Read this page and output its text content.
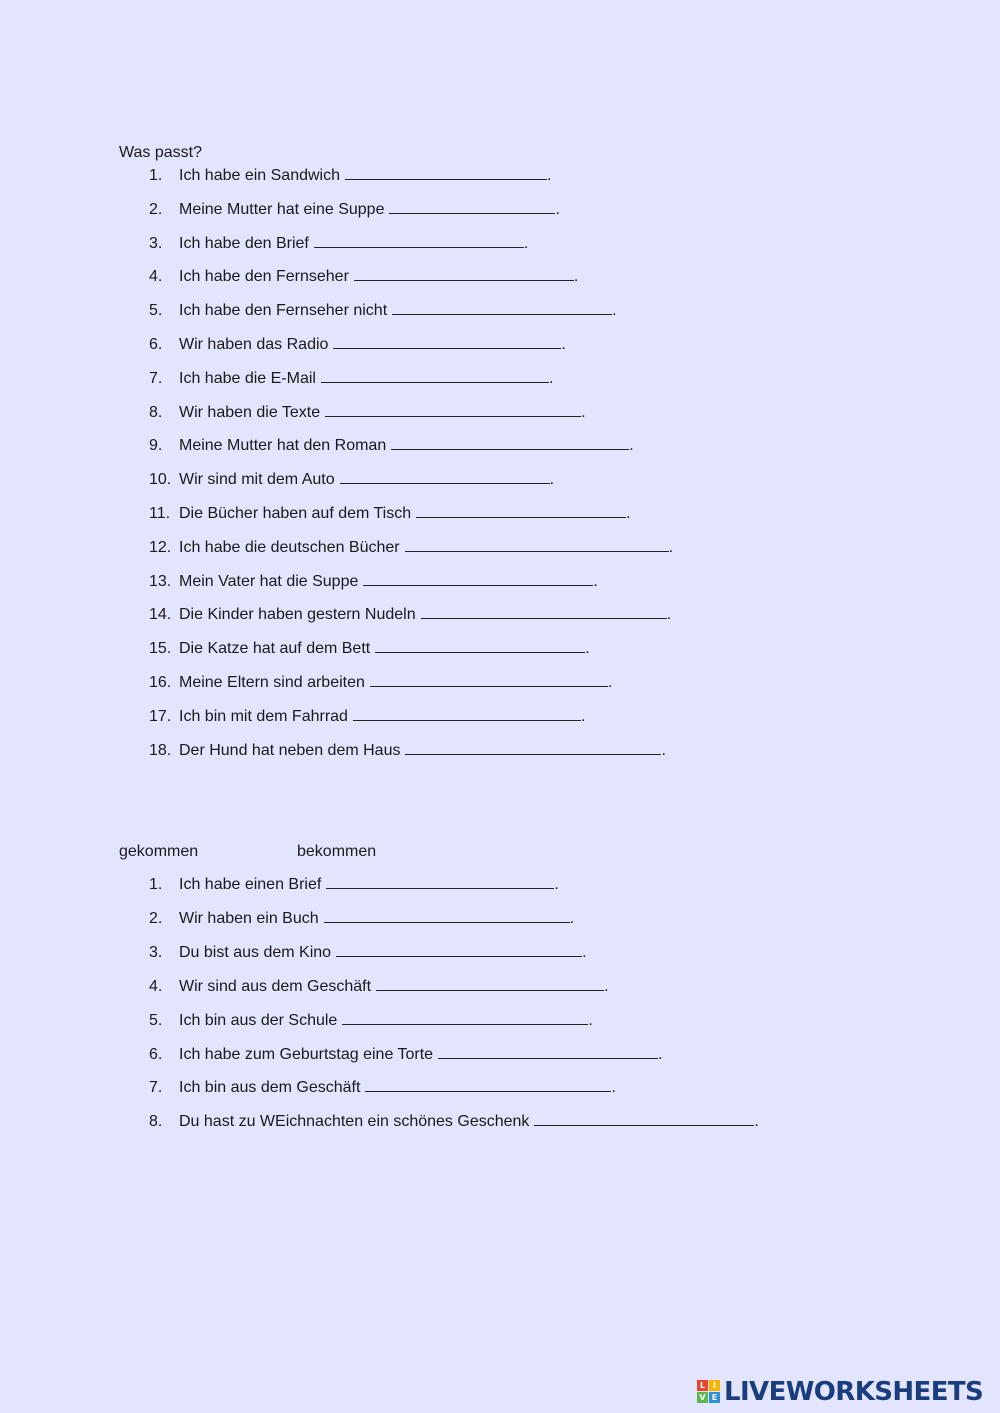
Was passt?
1.	Ich habe ein Sandwich	.
2.	Meine Mutter hat eine Suppe	.
3.	Ich habe den Brief	.
4.	Ich habe den Fernseher	.
5.	Ich habe den Fernseher nicht	.
6.	Wir haben das Radio	.
7.	Ich habe die E-Mail	.
8.	Wir haben die Texte	.
9.	Meine Mutter hat den Roman	.
10. Wir sind mit dem Auto	.
11. Die Bücher haben auf dem Tisch	.
12. Ich habe die deutschen Bücher	.
13. Mein Vater hat die Suppe	.
14. Die Kinder haben gestern Nudeln	.
15. Die Katze hat auf dem Bett	.
16. Meine Eltern sind arbeiten	.
17. Ich bin mit dem Fahrrad	.
18. Der Hund hat neben dem Haus	.
gekommen	bekommen
1.	Ich habe einen Brief	.
2.	Wir haben ein Buch	.
3.	Du bist aus dem Kino	.
4.	Wir sind aus dem Geschäft	.
5.	Ich bin aus der Schule	.
6.	Ich habe zum Geburtstag eine Torte	.
7.	Ich bin aus dem Geschäft	.
8.	Du hast zu WEichnachten ein schönes Geschenk	.
L I
V E LIVEWORKSHEETS
